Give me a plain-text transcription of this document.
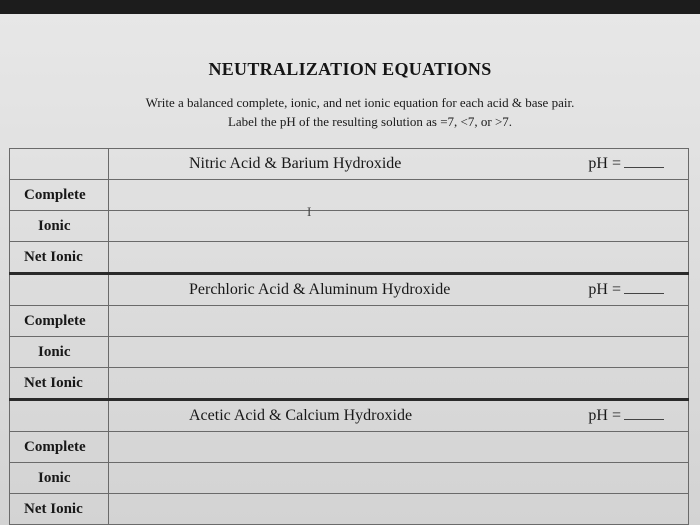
NEUTRALIZATION EQUATIONS
Write a balanced complete, ionic, and net ionic equation for each acid & base pair.
Label the pH of the resulting solution as =7, <7, or >7.

	Nitric Acid & Barium Hydroxide pH =

Complete	

Ionic	

Net Ionic	

	Perchloric Acid & Aluminum Hydroxide pH =

Complete	

Ionic	

Net Ionic	

	Acetic Acid & Calcium Hydroxide pH =

Complete	

Ionic	

Net Ionic	

I
